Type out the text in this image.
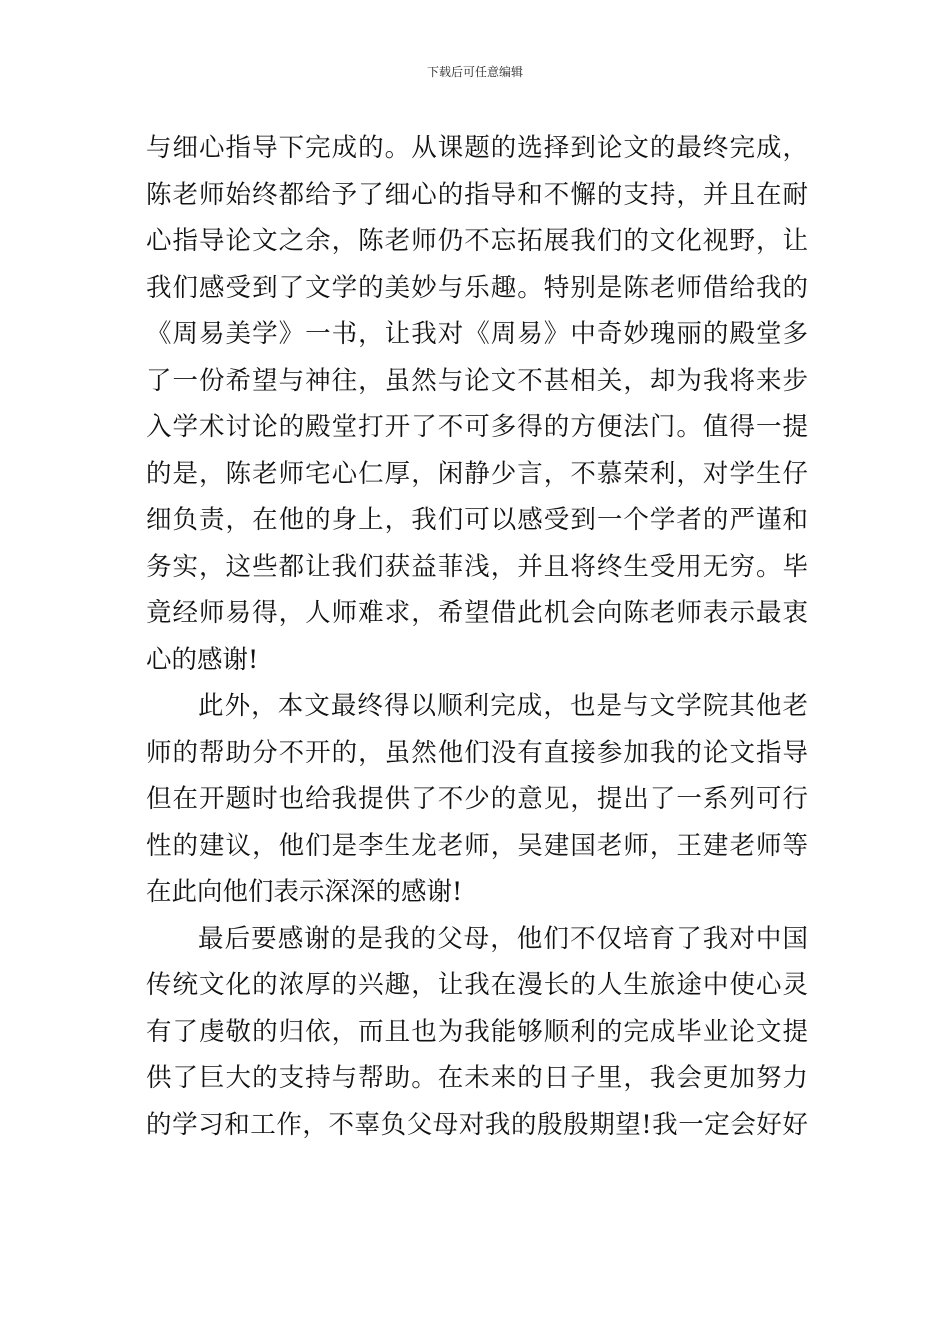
下载后可任意编辑
与细心指导下完成的。从课题的选择到论文的最终完成，
陈老师始终都给予了细心的指导和不懈的支持，并且在耐
心指导论文之余，陈老师仍不忘拓展我们的文化视野，让
我们感受到了文学的美妙与乐趣。特别是陈老师借给我的
《周易美学》一书，让我对《周易》中奇妙瑰丽的殿堂多
了一份希望与神往，虽然与论文不甚相关，却为我将来步
入学术讨论的殿堂打开了不可多得的方便法门。值得一提
的是，陈老师宅心仁厚，闲静少言，不慕荣利，对学生仔
细负责，在他的身上，我们可以感受到一个学者的严谨和
务实，这些都让我们获益菲浅，并且将终生受用无穷。毕
竟经师易得，人师难求，希望借此机会向陈老师表示最衷
心的感谢!
此外，本文最终得以顺利完成，也是与文学院其他老
师的帮助分不开的，虽然他们没有直接参加我的论文指导
但在开题时也给我提供了不少的意见，提出了一系列可行
性的建议，他们是李生龙老师，吴建国老师，王建老师等
在此向他们表示深深的感谢!
最后要感谢的是我的父母，他们不仅培育了我对中国
传统文化的浓厚的兴趣，让我在漫长的人生旅途中使心灵
有了虔敬的归依，而且也为我能够顺利的完成毕业论文提
供了巨大的支持与帮助。在未来的日子里，我会更加努力
的学习和工作，不辜负父母对我的殷殷期望!我一定会好好
